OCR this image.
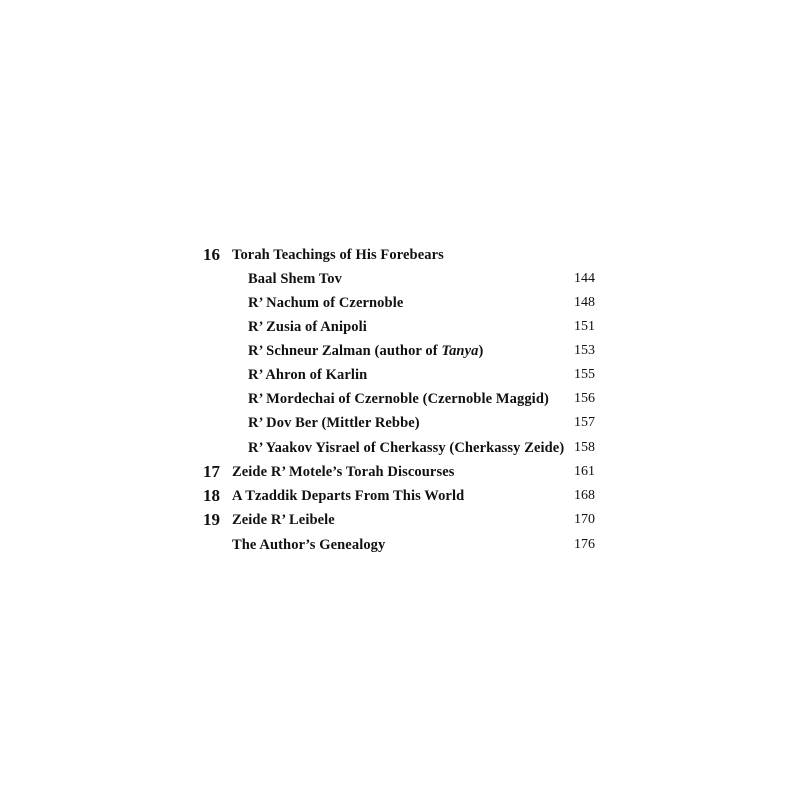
16 Torah Teachings of His Forebears
Baal Shem Tov	144
R’ Nachum of Czernoble	148
R’ Zusia of Anipoli	151
R’ Schneur Zalman (author of Tanya)	153
R’ Ahron of Karlin	155
R’ Mordechai of Czernoble (Czernoble Maggid) 156
R’ Dov Ber (Mittler Rebbe)	157
R’ Yaakov Yisrael of Cherkassy (Cherkassy Zeide) 158
17 Zeide R’ Motele’s Torah Discourses	161
18 A Tzaddik Departs From This World	168
19 Zeide R’ Leibele	170
The Author’s Genealogy	176
